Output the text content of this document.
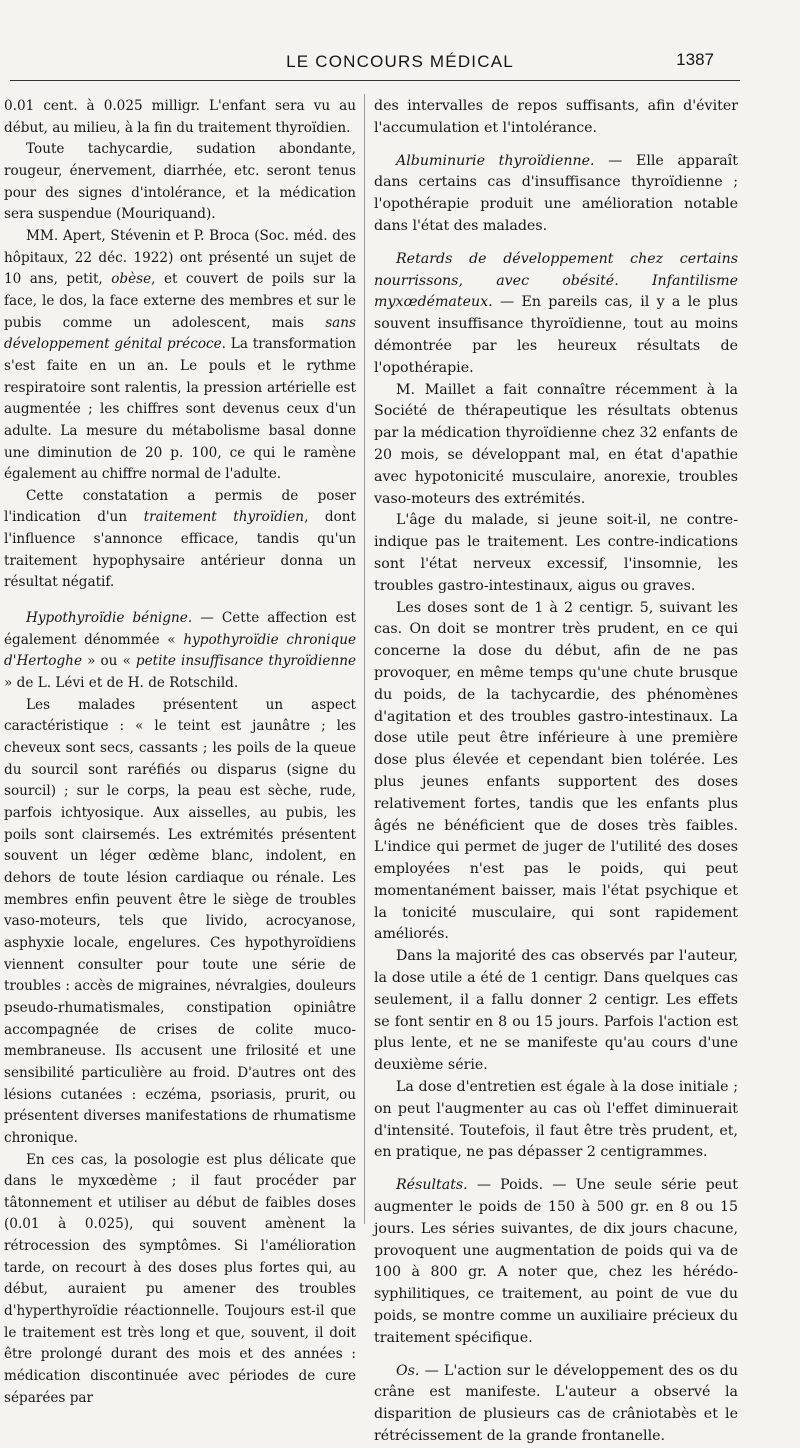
LE CONCOURS MÉDICAL	1387

0.01 cent. à 0.025 milligr. L'enfant sera vu au début, au milieu, à la fin du traitement thyroïdien.

Toute tachycardie, sudation abondante, rougeur, énervement, diarrhée, etc. seront tenus pour des signes d'intolérance, et la médication sera suspendue (Mouriquand).

MM. Apert, Stévenin et P. Broca (Soc. méd. des hôpitaux, 22 déc. 1922) ont présenté un sujet de 10 ans, petit, obèse, et couvert de poils sur la face, le dos, la face externe des membres et sur le pubis comme un adolescent, mais sans développement génital précoce. La transformation s'est faite en un an. Le pouls et le rythme respiratoire sont ralentis, la pression artérielle est augmentée ; les chiffres sont devenus ceux d'un adulte. La mesure du métabolisme basal donne une diminution de 20 p. 100, ce qui le ramène également au chiffre normal de l'adulte.

Cette constatation a permis de poser l'indication d'un traitement thyroïdien, dont l'influence s'annonce efficace, tandis qu'un traitement hypophysaire antérieur donna un résultat négatif.

Hypothyroïdie bénigne. — Cette affection est également dénommée « hypothyroïdie chronique d'Hertoghe » ou « petite insuffisance thyroïdienne » de L. Lévi et de H. de Rotschild.

Les malades présentent un aspect caractéristique : « le teint est jaunâtre ; les cheveux sont secs, cassants ; les poils de la queue du sourcil sont raréfiés ou disparus (signe du sourcil) ; sur le corps, la peau est sèche, rude, parfois ichtyosique. Aux aisselles, au pubis, les poils sont clairsemés. Les extrémités présentent souvent un léger œdème blanc, indolent, en dehors de toute lésion cardiaque ou rénale. Les membres enfin peuvent être le siège de troubles vaso-moteurs, tels que livido, acrocyanose, asphyxie locale, engelures. Ces hypothyroïdiens viennent consulter pour toute une série de troubles : accès de migraines, névralgies, douleurs pseudo-rhumatismales, constipation opiniâtre accompagnée de crises de colite muco-membraneuse. Ils accusent une frilosité et une sensibilité particulière au froid. D'autres ont des lésions cutanées : eczéma, psoriasis, prurit, ou présentent diverses manifestations de rhumatisme chronique.

En ces cas, la posologie est plus délicate que dans le myxœdème ; il faut procéder par tâtonnement et utiliser au début de faibles doses (0.01 à 0.025), qui souvent amènent la rétrocession des symptômes. Si l'amélioration tarde, on recourt à des doses plus fortes qui, au début, auraient pu amener des troubles d'hyperthyroïdie réactionnelle. Toujours est-il que le traitement est très long et que, souvent, il doit être prolongé durant des mois et des années : médication discontinuée avec périodes de cure séparées par

des intervalles de repos suffisants, afin d'éviter l'accumulation et l'intolérance.

Albuminurie thyroïdienne. — Elle apparaît dans certains cas d'insuffisance thyroïdienne ; l'opothérapie produit une amélioration notable dans l'état des malades.

Retards de développement chez certains nourrissons, avec obésité. Infantilisme myxœdémateux. — En pareils cas, il y a le plus souvent insuffisance thyroïdienne, tout au moins démontrée par les heureux résultats de l'opothérapie.

M. Maillet a fait connaître récemment à la Société de thérapeutique les résultats obtenus par la médication thyroïdienne chez 32 enfants de 20 mois, se développant mal, en état d'apathie avec hypotonicité musculaire, anorexie, troubles vaso-moteurs des extrémités.

L'âge du malade, si jeune soit-il, ne contre-indique pas le traitement. Les contre-indications sont l'état nerveux excessif, l'insomnie, les troubles gastro-intestinaux, aigus ou graves.

Les doses sont de 1 à 2 centigr. 5, suivant les cas. On doit se montrer très prudent, en ce qui concerne la dose du début, afin de ne pas provoquer, en même temps qu'une chute brusque du poids, de la tachycardie, des phénomènes d'agitation et des troubles gastro-intestinaux. La dose utile peut être inférieure à une première dose plus élevée et cependant bien tolérée. Les plus jeunes enfants supportent des doses relativement fortes, tandis que les enfants plus âgés ne bénéficient que de doses très faibles. L'indice qui permet de juger de l'utilité des doses employées n'est pas le poids, qui peut momentanément baisser, mais l'état psychique et la tonicité musculaire, qui sont rapidement améliorés.

Dans la majorité des cas observés par l'auteur, la dose utile a été de 1 centigr. Dans quelques cas seulement, il a fallu donner 2 centigr. Les effets se font sentir en 8 ou 15 jours. Parfois l'action est plus lente, et ne se manifeste qu'au cours d'une deuxième série.

La dose d'entretien est égale à la dose initiale ; on peut l'augmenter au cas où l'effet diminuerait d'intensité. Toutefois, il faut être très prudent, et, en pratique, ne pas dépasser 2 centigrammes.

Résultats. — Poids. — Une seule série peut augmenter le poids de 150 à 500 gr. en 8 ou 15 jours. Les séries suivantes, de dix jours chacune, provoquent une augmentation de poids qui va de 100 à 800 gr. A noter que, chez les hérédo-syphilitiques, ce traitement, au point de vue du poids, se montre comme un auxiliaire précieux du traitement spécifique.

Os. — L'action sur le développement des os du crâne est manifeste. L'auteur a observé la disparition de plusieurs cas de crâniotabès et le rétrécissement de la grande frontanelle.
